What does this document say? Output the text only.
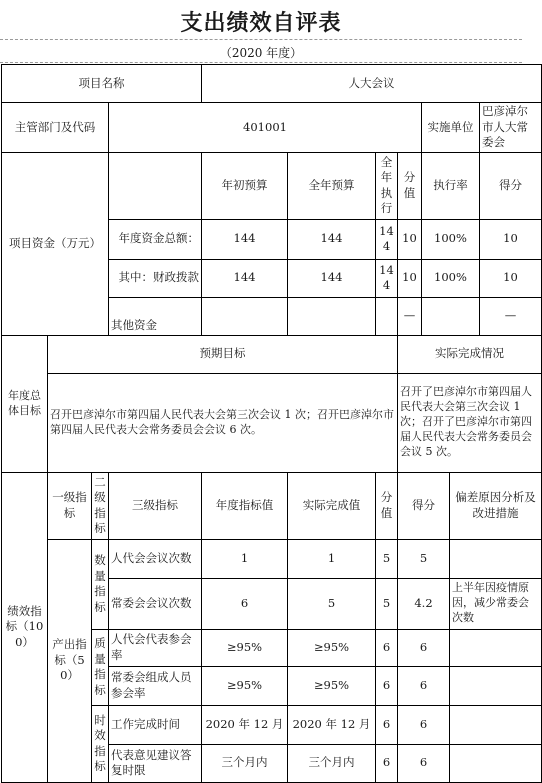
支出绩效自评表
（2020 年度）
项目名称				人大会议						
主管部门及代码			401001					实施单位		巴彦淖尔市人大常委会
项目资金（万元）				年初预算	全年预算	全年执行	分值	执行率		得分
			年度资金总额：	144	144	144	10	100%		10
			其中：财政拨款	144	144	144	10	100%		10
			其他资金				—			—
年度总体目标	预期目标						实际完成情况			
	召开巴彦淖尔市第四届人民代表大会第三次会议 1 次；召开巴彦淖尔市第四届人民代表大会常务委员会会议 6 次。						召开了巴彦淖尔市第四届人民代表大会第三次会议 1 次；召开了巴彦淖尔市第四届人民代表大会常务委员会会议 5 次。			
绩效指标（100）	一级指标	二级指标	三级指标	年度指标值	实际完成值	分值	得分		偏差原因分析及改进措施	
	产出指标（50）	数量指标	人代会会议次数	1	1	5	5			
			常委会会议次数	6	5	5	4.2		上半年因疫情原因，减少常委会次数	
		质量指标	人代会代表参会率	≥95%	≥95%	6	6			
			常委会组成人员参会率	≥95%	≥95%	6	6			
		时效指标	工作完成时间	2020 年 12 月	2020 年 12 月	6	6			
			代表意见建议答复时限	三个月内	三个月内	6	6			
